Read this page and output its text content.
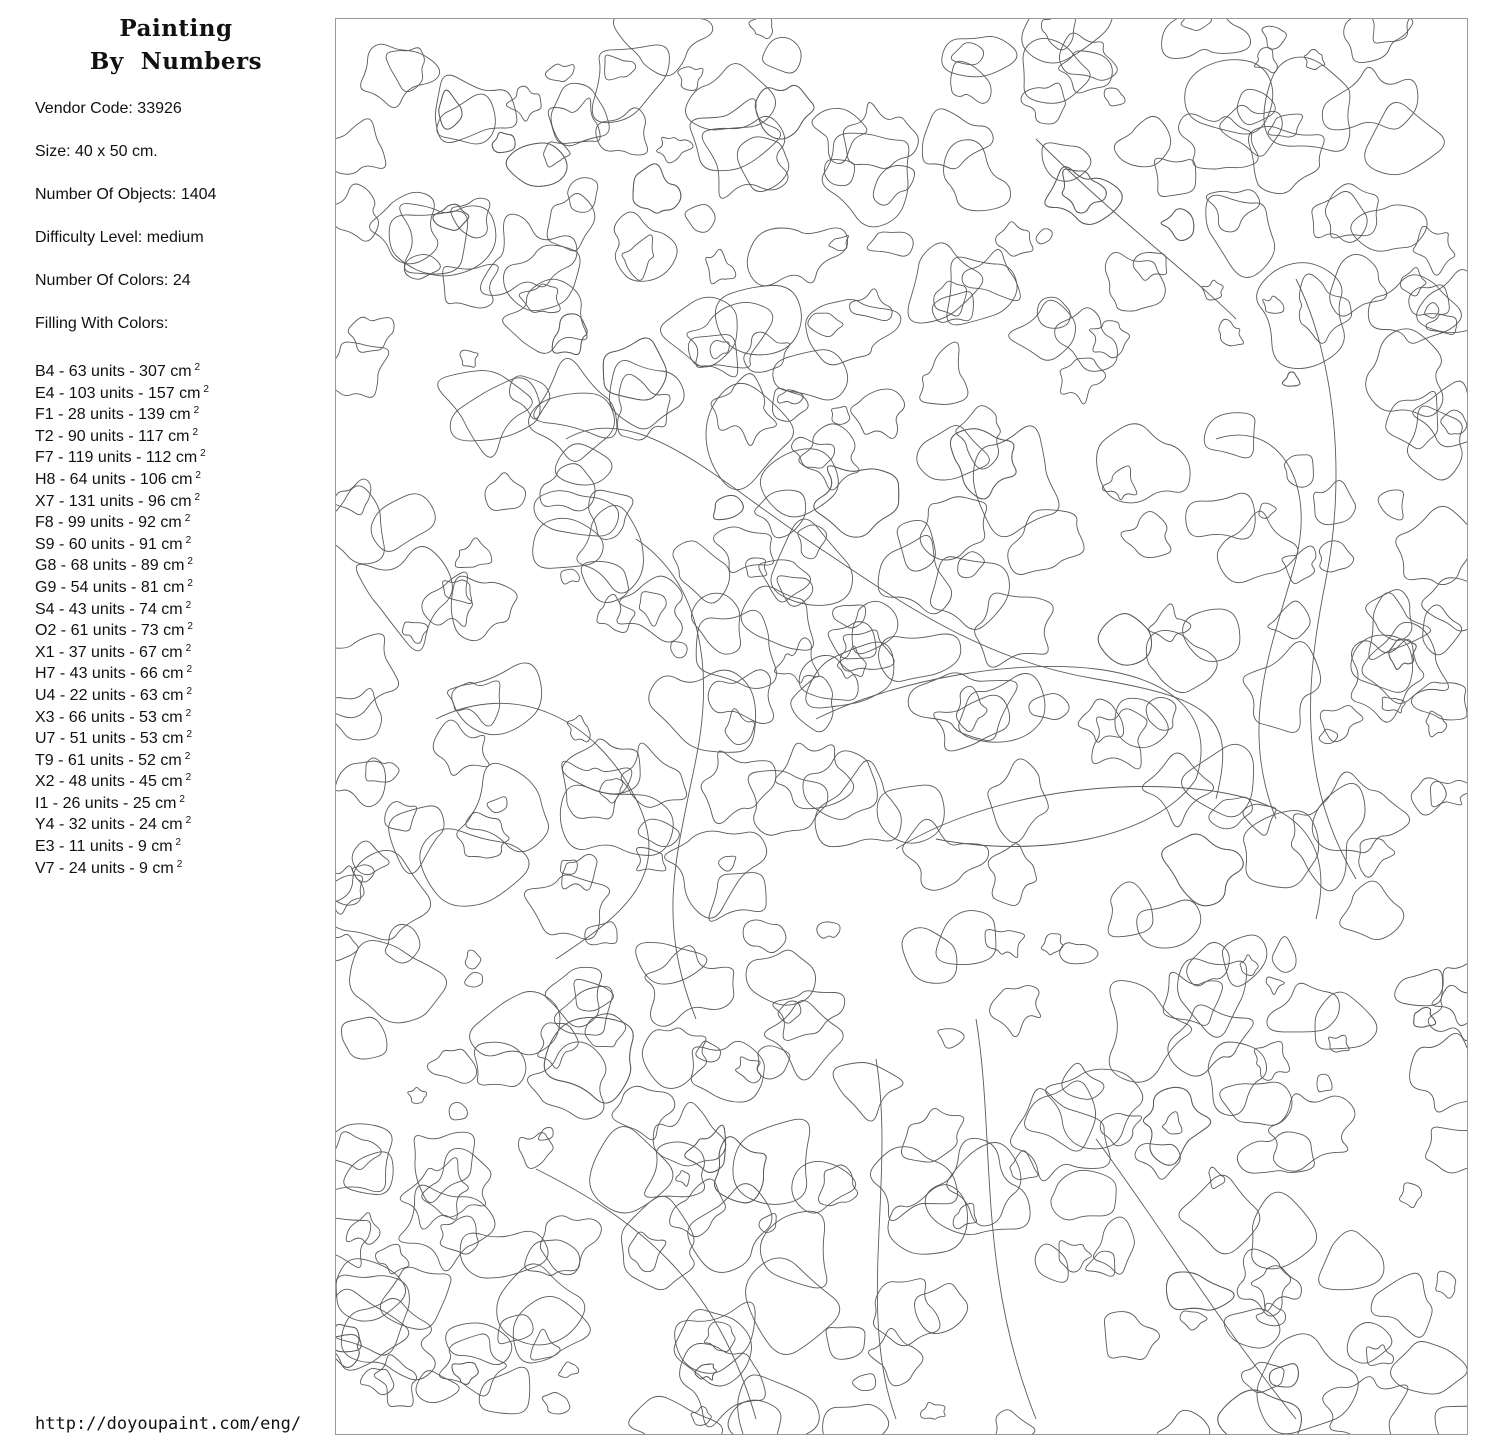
Painting
By  Numbers
Vendor Code: 33926
Size: 40 x 50 cm.
Number Of Objects: 1404
Difficulty Level: medium
Number Of Colors: 24
Filling With Colors:
B4 - 63 units - 307 cm $^2$
E4 - 103 units - 157 cm $^2$
F1 - 28 units - 139 cm $^2$
T2 - 90 units - 117 cm $^2$
F7 - 119 units - 112 cm $^2$
H8 - 64 units - 106 cm $^2$
X7 - 131 units - 96 cm $^2$
F8 - 99 units - 92 cm $^2$
S9 - 60 units - 91 cm $^2$
G8 - 68 units - 89 cm $^2$
G9 - 54 units - 81 cm $^2$
S4 - 43 units - 74 cm $^2$
O2 - 61 units - 73 cm $^2$
X1 - 37 units - 67 cm $^2$
H7 - 43 units - 66 cm $^2$
U4 - 22 units - 63 cm $^2$
X3 - 66 units - 53 cm $^2$
U7 - 51 units - 53 cm $^2$
T9 - 61 units - 52 cm $^2$
X2 - 48 units - 45 cm $^2$
I1 - 26 units - 25 cm $^2$
Y4 - 32 units - 24 cm $^2$
E3 - 11 units - 9 cm $^2$
V7 - 24 units - 9 cm $^2$
http://doyoupaint.com/eng/
